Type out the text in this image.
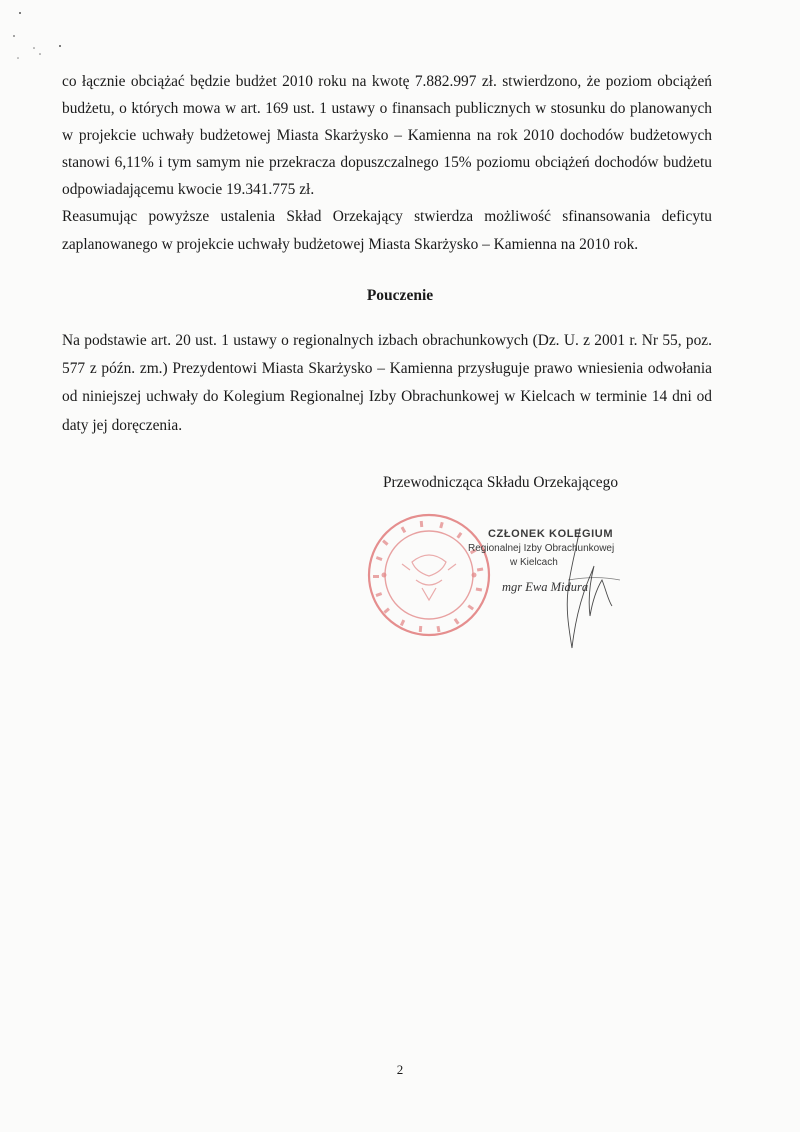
co łącznie obciążać będzie budżet 2010 roku na kwotę 7.882.997 zł. stwierdzono, że poziom obciążeń budżetu, o których mowa w art. 169 ust. 1 ustawy o finansach publicznych w stosunku do planowanych w projekcie uchwały budżetowej Miasta Skarżysko – Kamienna na rok 2010 dochodów budżetowych stanowi 6,11% i tym samym nie przekracza dopuszczalnego 15% poziomu obciążeń dochodów budżetu odpowiadającemu kwocie 19.341.775 zł.

Reasumując powyższe ustalenia Skład Orzekający stwierdza możliwość sfinansowania deficytu zaplanowanego w projekcie uchwały budżetowej Miasta Skarżysko – Kamienna na 2010 rok.

Pouczenie

Na podstawie art. 20 ust. 1 ustawy o regionalnych izbach obrachunkowych (Dz. U. z 2001 r. Nr 55, poz. 577 z późn. zm.) Prezydentowi Miasta Skarżysko – Kamienna przysługuje prawo wniesienia odwołania od niniejszej uchwały do Kolegium Regionalnej Izby Obrachunkowej w Kielcach w terminie 14 dni od daty jej doręczenia.

Przewodnicząca Składu Orzekającego

CZŁONEK KOLEGIUM
Regionalnej Izby Obrachunkowej
w Kielcach
mgr Ewa Midura

2
